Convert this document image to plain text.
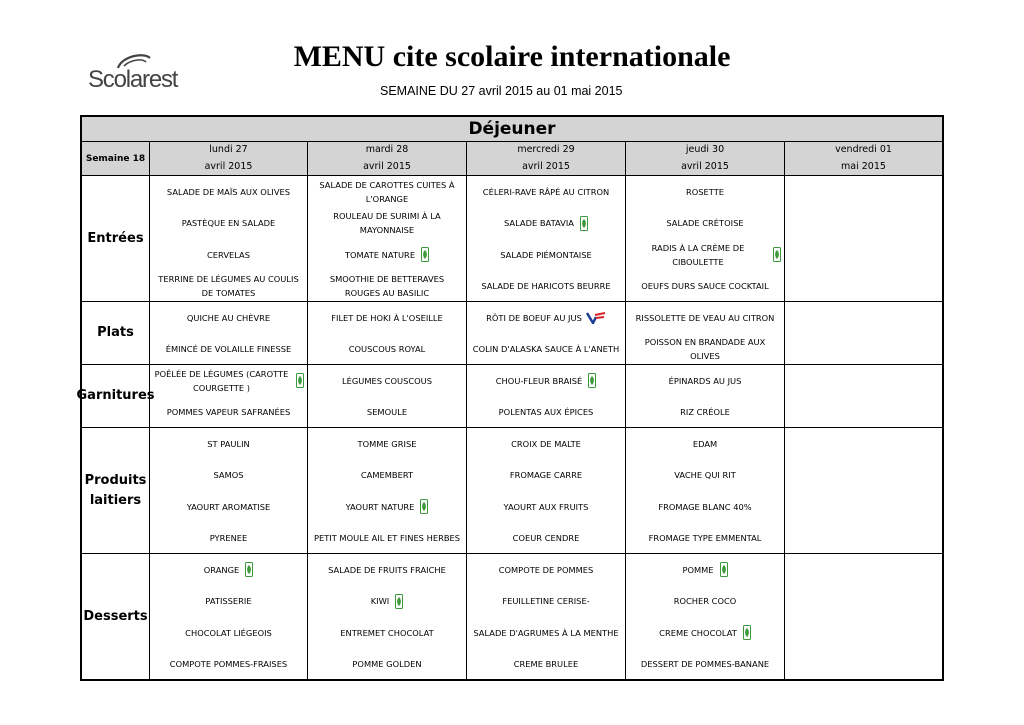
Scolarest
MENU cite scolaire internationale
SEMAINE DU 27 avril 2015 au 01 mai 2015
Déjeuner
Semaine 18
lundi 27
avril 2015
mardi 28
avril 2015
mercredi 29
avril 2015
jeudi 30
avril 2015
vendredi 01
mai 2015
Entrées
SALADE DE MAÏS AUX OLIVES
PASTÈQUE EN SALADE
CERVELAS
TERRINE DE LÉGUMES AU COULIS DE TOMATES
SALADE DE CAROTTES CUITES À L'ORANGE
ROULEAU DE SURIMI À LA MAYONNAISE
TOMATE NATURE
SMOOTHIE DE BETTERAVES ROUGES AU BASILIC
CÉLERI-RAVE RÂPÉ AU CITRON
SALADE BATAVIA
SALADE PIÉMONTAISE
SALADE DE HARICOTS BEURRE
ROSETTE
SALADE CRÉTOISE
RADIS À LA CRÈME DE CIBOULETTE
OEUFS DURS SAUCE COCKTAIL
Plats
QUICHE AU CHÈVRE
ÉMINCÉ DE VOLAILLE FINESSE
FILET DE HOKI À L'OSEILLE
COUSCOUS ROYAL
RÔTI DE BOEUF AU JUS
COLIN D'ALASKA SAUCE À L'ANETH
RISSOLETTE DE VEAU AU CITRON
POISSON EN BRANDADE AUX OLIVES
Garnitures
POÊLÉE DE LÉGUMES (CAROTTE COURGETTE )
POMMES VAPEUR SAFRANÉES
LÉGUMES COUSCOUS
SEMOULE
CHOU-FLEUR BRAISÉ
POLENTAS AUX ÉPICES
ÉPINARDS AU JUS
RIZ CRÉOLE
Produits laitiers
ST PAULIN
SAMOS
YAOURT AROMATISE
PYRENEE
TOMME GRISE
CAMEMBERT
YAOURT NATURE
PETIT MOULE AIL ET FINES HERBES
CROIX DE MALTE
FROMAGE CARRE
YAOURT AUX FRUITS
COEUR CENDRE
EDAM
VACHE QUI RIT
FROMAGE BLANC 40%
FROMAGE TYPE EMMENTAL
Desserts
ORANGE
PATISSERIE
CHOCOLAT LIÉGEOIS
COMPOTE POMMES-FRAISES
SALADE DE FRUITS FRAICHE
KIWI
ENTREMET CHOCOLAT
POMME GOLDEN
COMPOTE DE POMMES
FEUILLETINE CERISE-
SALADE D'AGRUMES À LA MENTHE
CREME BRULEE
POMME
ROCHER COCO
CREME CHOCOLAT
DESSERT DE POMMES-BANANE
